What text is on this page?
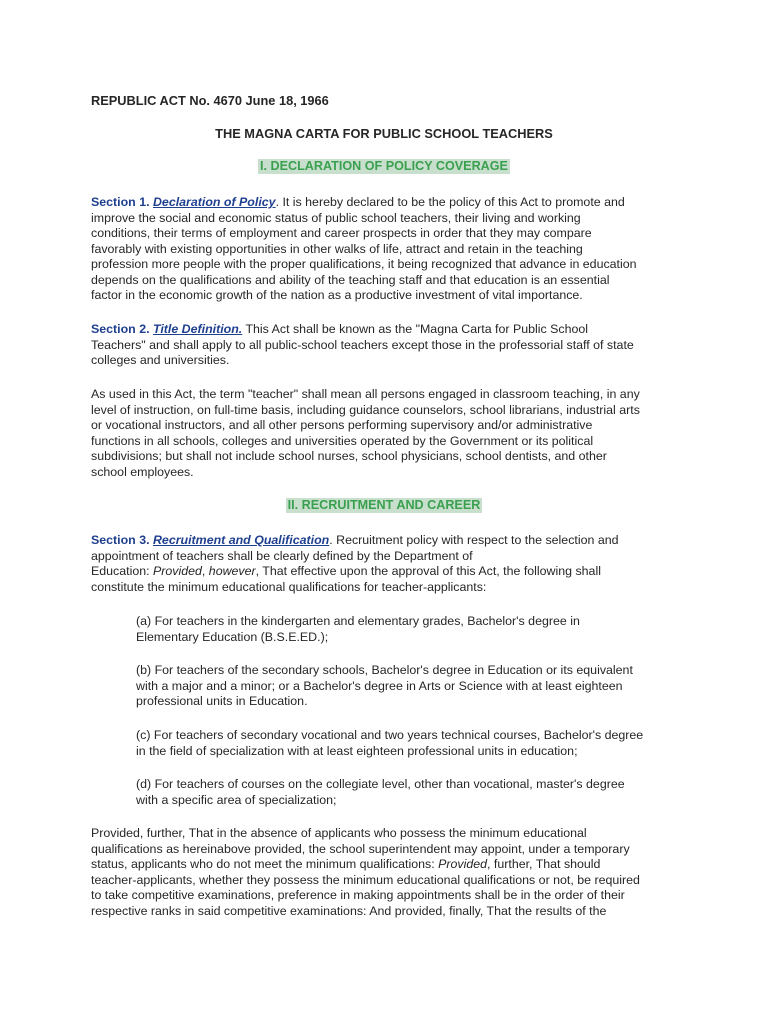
REPUBLIC ACT No. 4670 June 18, 1966

THE MAGNA CARTA FOR PUBLIC SCHOOL TEACHERS

I. DECLARATION OF POLICY COVERAGE

Section 1. Declaration of Policy. It is hereby declared to be the policy of this Act to promote and
improve the social and economic status of public school teachers, their living and working
conditions, their terms of employment and career prospects in order that they may compare
favorably with existing opportunities in other walks of life, attract and retain in the teaching
profession more people with the proper qualifications, it being recognized that advance in education
depends on the qualifications and ability of the teaching staff and that education is an essential
factor in the economic growth of the nation as a productive investment of vital importance.

Section 2. Title Definition. This Act shall be known as the "Magna Carta for Public School
Teachers" and shall apply to all public-school teachers except those in the professorial staff of state
colleges and universities.

As used in this Act, the term "teacher" shall mean all persons engaged in classroom teaching, in any
level of instruction, on full-time basis, including guidance counselors, school librarians, industrial arts
or vocational instructors, and all other persons performing supervisory and/or administrative
functions in all schools, colleges and universities operated by the Government or its political
subdivisions; but shall not include school nurses, school physicians, school dentists, and other
school employees.

II. RECRUITMENT AND CAREER

Section 3. Recruitment and Qualification. Recruitment policy with respect to the selection and
appointment of teachers shall be clearly defined by the Department of
Education: Provided, however, That effective upon the approval of this Act, the following shall
constitute the minimum educational qualifications for teacher-applicants:

(a) For teachers in the kindergarten and elementary grades, Bachelor's degree in
Elementary Education (B.S.E.ED.);

(b) For teachers of the secondary schools, Bachelor's degree in Education or its equivalent
with a major and a minor; or a Bachelor's degree in Arts or Science with at least eighteen
professional units in Education.

(c) For teachers of secondary vocational and two years technical courses, Bachelor's degree
in the field of specialization with at least eighteen professional units in education;

(d) For teachers of courses on the collegiate level, other than vocational, master's degree
with a specific area of specialization;

Provided, further, That in the absence of applicants who possess the minimum educational
qualifications as hereinabove provided, the school superintendent may appoint, under a temporary
status, applicants who do not meet the minimum qualifications: Provided, further, That should
teacher-applicants, whether they possess the minimum educational qualifications or not, be required
to take competitive examinations, preference in making appointments shall be in the order of their
respective ranks in said competitive examinations: And provided, finally, That the results of the
